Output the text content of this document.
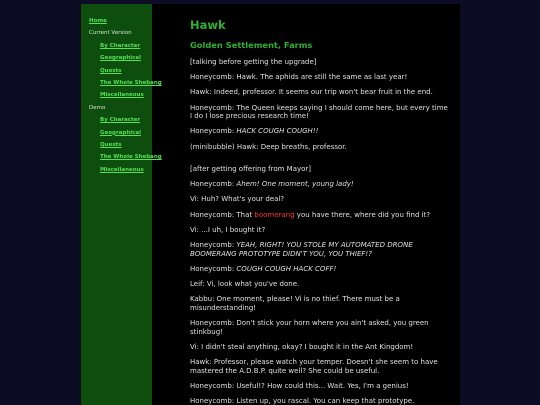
Home
Current Version
By Character
Geographical
Quests
The Whole Shebang
Miscellaneous
Demo
By Character
Geographical
Quests
The Whole Shebang
Miscellaneous
Hawk
Golden Settlement, Farms

[talking before getting the upgrade]

Honeycomb: Hawk. The aphids are still the same as last year!

Hawk: Indeed, professor. It seems our trip won't bear fruit in the end.

Honeycomb: The Queen keeps saying I should come here, but every time I do I lose precious research time!

Honeycomb: HACK COUGH COUGH!!

(minibubble) Hawk: Deep breaths, professor.

[after getting offering from Mayor]

Honeycomb: Ahem! One moment, young lady!

Vi: Huh? What's your deal?

Honeycomb: That boomerang you have there, where did you find it?

Vi: ...I uh, I bought it?

Honeycomb: YEAH, RIGHT! YOU STOLE MY AUTOMATED DRONE BOOMERANG PROTOTYPE DIDN'T YOU, YOU THIEF!?

Honeycomb: COUGH COUGH HACK COFF!

Leif: Vi, look what you've done.

Kabbu: One moment, please! Vi is no thief. There must be a misunderstanding!

Honeycomb: Don't stick your horn where you ain't asked, you green stinkbug!

Vi: I didn't steal anything, okay? I bought it in the Ant Kingdom!

Hawk: Professor, please watch your temper. Doesn't she seem to have mastered the A.D.B.P. quite well? She could be useful.

Honeycomb: Useful!? How could this... Wait. Yes, I'm a genius!

Honeycomb: Listen up, you rascal. You can keep that prototype.
